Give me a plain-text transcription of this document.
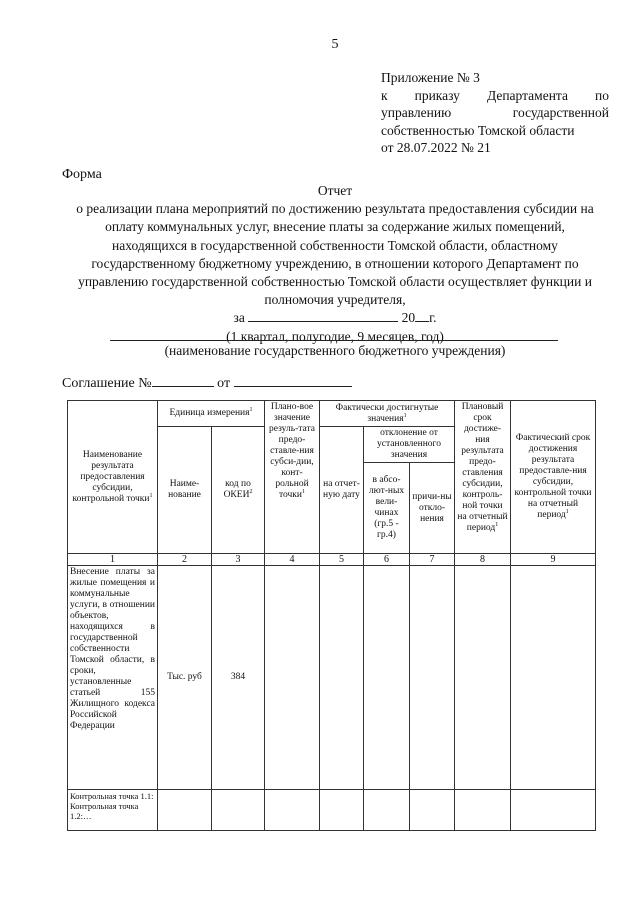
5
Приложение № 3
к приказу Департамента по
управлению государственной
собственностью Томской области
от 28.07.2022 № 21
Форма
Отчет
о реализации плана мероприятий по достижению результата предоставления субсидии на
оплату коммунальных услуг, внесение платы за содержание жилых помещений,
находящихся в государственной собственности Томской области, областному
государственному бюджетному учреждению, в отношении которого Департамент по
управлению государственной собственностью Томской области осуществляет функции и
полномочия учредителя,
за	20 г.
(1 квартал, полугодие, 9 месяцев, год)
(наименование государственного бюджетного учреждения)
Соглашение №	от
Наименование результата предоставления субсидии, контрольной точки$^1$	Единица измерения$^1$		Плано-вое значение резуль-тата предо-ставле-ния субси-дии, конт-рольной точки$^1$	Фактически достигнутые значения$^1$			Плановый срок достиже-ния результата предо-ставления субсидии, контроль-ной точки на отчетный период$^1$	Фактический срок достижения результата предоставле-ния субсидии, контрольной точки на отчетный период$^1$
	Наиме-нование	код по ОКЕИ$^2$		на отчет-ную дату	отклонение от установленного значения			
					в абсо-лют-ных вели-чинах (гр.5 - гр.4)	причи-ны откло-нения		
1	2	3	4	5	6	7	8	9
Внесение платы за жилые помещения и коммунальные услуги, в отношении объектов, находящихся в государственной собственности Томской области, в сроки, установленные статьей 155 Жилищного кодекса Российской Федерации	Тыс. руб	384						

Контрольная точка 1.1:
Контрольная точка 1.2:…								
